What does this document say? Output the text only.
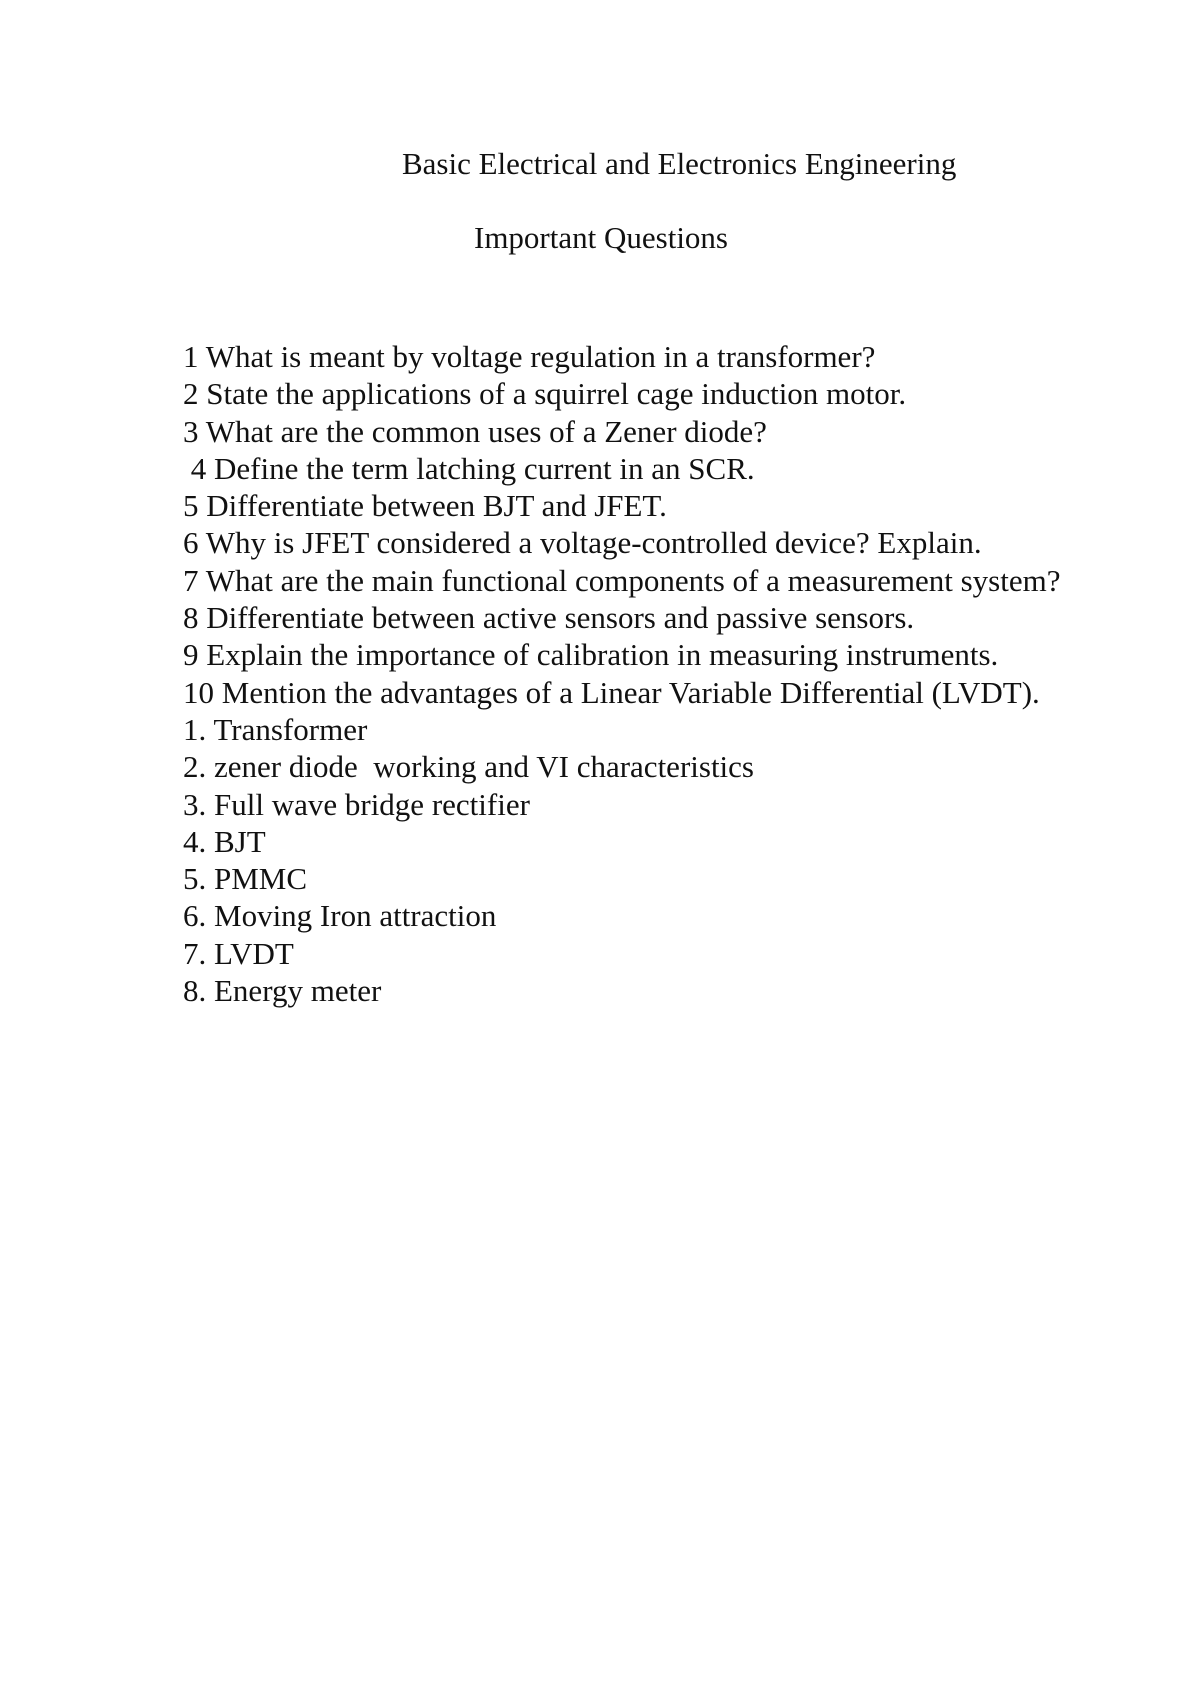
Basic Electrical and Electronics Engineering
Important Questions
1 What is meant by voltage regulation in a transformer?
2 State the applications of a squirrel cage induction motor.
3 What are the common uses of a Zener diode?
4 Define the term latching current in an SCR.
5 Differentiate between BJT and JFET.
6 Why is JFET considered a voltage-controlled device? Explain.
7 What are the main functional components of a measurement system?
8 Differentiate between active sensors and passive sensors.
9 Explain the importance of calibration in measuring instruments.
10 Mention the advantages of a Linear Variable Differential (LVDT).
1. Transformer
2. zener diode  working and VI characteristics
3. Full wave bridge rectifier
4. BJT
5. PMMC
6. Moving Iron attraction
7. LVDT
8. Energy meter
